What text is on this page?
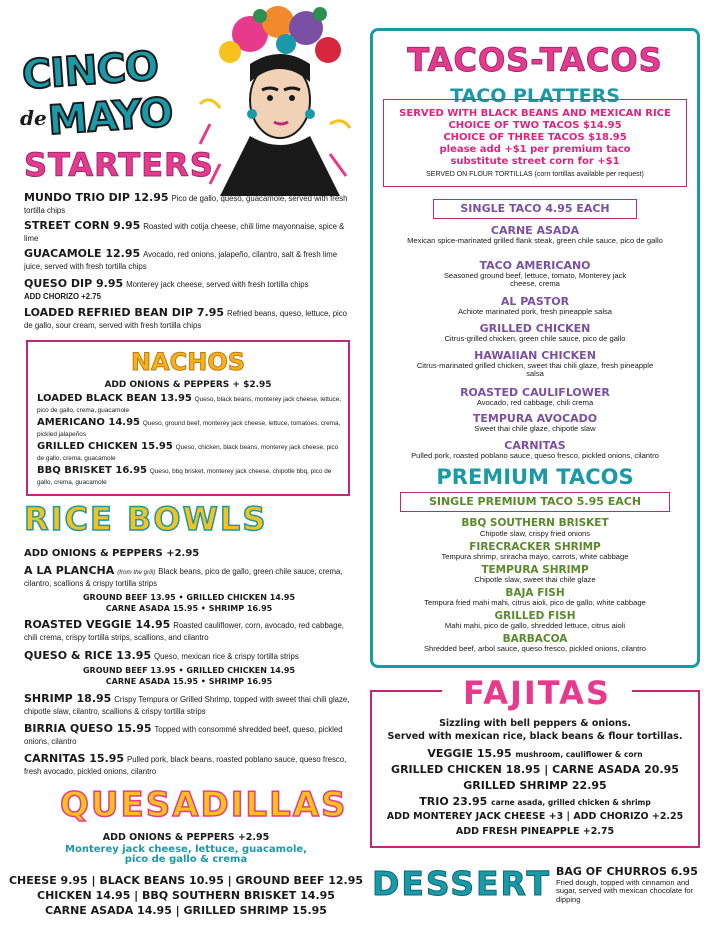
CINCO
de MAYO
STARTERS
MUNDO TRIO DIP 12.95 Pico de gallo, queso, guacamole, served with fresh tortilla chips
STREET CORN 9.95 Roasted with cotija cheese, chili lime mayonnaise, spice & lime
GUACAMOLE 12.95 Avocado, red onions, jalapeño, cilantro, salt & fresh lime juice, served with fresh tortilla chips
QUESO DIP 9.95 Monterey jack cheese, served with fresh tortilla chips
ADD CHORIZO +2.75
LOADED REFRIED BEAN DIP 7.95 Refried beans, queso, lettuce, pico de gallo, sour cream, served with fresh tortilla chips
NACHOS
ADD ONIONS & PEPPERS + $2.95
LOADED BLACK BEAN 13.95 Queso, black beans, monterey jack cheese, lettuce, pico de gallo, crema, guacamole
AMERICANO 14.95 Queso, ground beef, monterey jack cheese, lettuce, tomatoes, crema, pickled jalapeños
GRILLED CHICKEN 15.95 Queso, chicken, black beans, monterey jack cheese, pico de gallo, crema, guacamole
BBQ BRISKET 16.95 Queso, bbq brisket, monterey jack cheese, chipotle bbq, pico de gallo, crema, guacamole
RICE BOWLS
ADD ONIONS & PEPPERS +2.95
A LA PLANCHA (from the grill) Black beans, pico de gallo, green chile sauce, crema, cilantro, scallions & crispy tortilla strips
GROUND BEEF 13.95 • GRILLED CHICKEN 14.95
CARNE ASADA 15.95 • SHRIMP 16.95
ROASTED VEGGIE 14.95 Roasted cauliflower, corn, avocado, red cabbage, chili crema, crispy tortilla strips, scallions, and cilantro
QUESO & RICE 13.95 Queso, mexican rice & crispy tortilla strips
GROUND BEEF 13.95 • GRILLED CHICKEN 14.95
CARNE ASADA 15.95 • SHRIMP 16.95
SHRIMP 18.95 Crispy Tempura or Grilled Shrimp, topped with sweet thai chili glaze, chipotle slaw, cilantro, scallions & crispy tortilla strips
BIRRIA QUESO 15.95 Topped with consommé shredded beef, queso, pickled onions, cilantro
CARNITAS 15.95 Pulled pork, black beans, roasted poblano sauce, queso fresco, fresh avocado, pickled onions, cilantro
QUESADILLAS
ADD ONIONS & PEPPERS +2.95
Monterey jack cheese, lettuce, guacamole, pico de gallo & crema
CHEESE 9.95 | BLACK BEANS 10.95 | GROUND BEEF 12.95
CHICKEN 14.95 | BBQ SOUTHERN BRISKET 14.95
CARNE ASADA 14.95 | GRILLED SHRIMP 15.95
TACOS-TACOS
TACO PLATTERS
SERVED WITH BLACK BEANS AND MEXICAN RICE
CHOICE OF TWO TACOS $14.95
CHOICE OF THREE TACOS $18.95
please add +$1 per premium taco
substitute street corn for +$1
SERVED ON FLOUR TORTILLAS (corn tortillas available per request)
SINGLE TACO 4.95 EACH
CARNE ASADA
Mexican spice-marinated grilled flank steak, green chile sauce, pico de gallo
TACO AMERICANO
Seasoned ground beef, lettuce, tomato, Monterey jack cheese, crema
AL PASTOR
Achiote marinated pork, fresh pineapple salsa
GRILLED CHICKEN
Citrus-grilled chicken, green chile sauce, pico de gallo
HAWAIIAN CHICKEN
Citrus-marinated grilled chicken, sweet thai chili glaze, fresh pineapple salsa
ROASTED CAULIFLOWER
Avocado, red cabbage, chili crema
TEMPURA AVOCADO
Sweet thai chile glaze, chipotle slaw
CARNITAS
Pulled pork, roasted poblano sauce, queso fresco, pickled onions, cilantro
PREMIUM TACOS
SINGLE PREMIUM TACO 5.95 EACH
BBQ SOUTHERN BRISKET
Chipotle slaw, crispy fried onions
FIRECRACKER SHRIMP
Tempura shrimp, sriracha mayo, carrots, white cabbage
TEMPURA SHRIMP
Chipotle slaw, sweet thai chile glaze
BAJA FISH
Tempura fried mahi mahi, citrus aioli, pico de gallo, white cabbage
GRILLED FISH
Mahi mahi, pico de gallo, shredded lettuce, citrus aioli
BARBACOA
Shredded beef, arbol sauce, queso fresco, pickled onions, cilantro
FAJITAS
Sizzling with bell peppers & onions.
Served with mexican rice, black beans & flour tortillas.
VEGGIE 15.95 mushroom, cauliflower & corn
GRILLED CHICKEN 18.95 | CARNE ASADA 20.95
GRILLED SHRIMP 22.95
TRIO 23.95 carne asada, grilled chicken & shrimp
ADD MONTEREY JACK CHEESE +3 | ADD CHORIZO +2.25
ADD FRESH PINEAPPLE +2.75
DESSERT BAG OF CHURROS 6.95
Fried dough, topped with cinnamon and sugar, served with mexican chocolate for dipping
